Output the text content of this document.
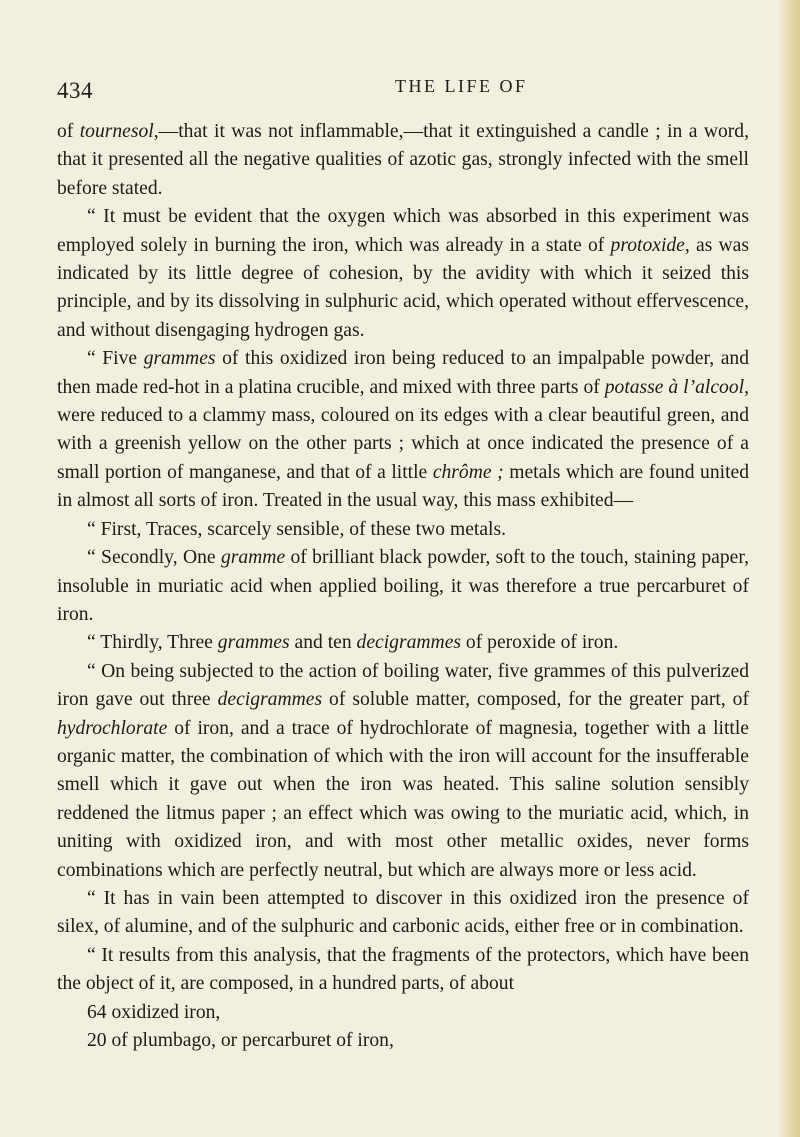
434	THE LIFE OF

of tournesol,—that it was not inflammable,—that it extinguished a candle ; in a word, that it presented all the negative qualities of azotic gas, strongly infected with the smell before stated.

“ It must be evident that the oxygen which was absorbed in this experiment was employed solely in burning the iron, which was already in a state of protoxide, as was indicated by its little degree of cohesion, by the avidity with which it seized this principle, and by its dissolving in sulphuric acid, which operated without effervescence, and without disengaging hydrogen gas.

“ Five grammes of this oxidized iron being reduced to an impalpable powder, and then made red-hot in a platina crucible, and mixed with three parts of potasse à l’alcool, were reduced to a clammy mass, coloured on its edges with a clear beautiful green, and with a greenish yellow on the other parts ; which at once indicated the presence of a small portion of manganese, and that of a little chrôme ; metals which are found united in almost all sorts of iron. Treated in the usual way, this mass exhibited—

“ First, Traces, scarcely sensible, of these two metals.

“ Secondly, One gramme of brilliant black powder, soft to the touch, staining paper, insoluble in muriatic acid when applied boiling, it was therefore a true percarburet of iron.

“ Thirdly, Three grammes and ten decigrammes of peroxide of iron.

“ On being subjected to the action of boiling water, five grammes of this pulverized iron gave out three decigrammes of soluble matter, composed, for the greater part, of hydrochlorate of iron, and a trace of hydrochlorate of magnesia, together with a little organic matter, the combination of which with the iron will account for the insufferable smell which it gave out when the iron was heated. This saline solution sensibly reddened the litmus paper ; an effect which was owing to the muriatic acid, which, in uniting with oxidized iron, and with most other metallic oxides, never forms combinations which are perfectly neutral, but which are always more or less acid.

“ It has in vain been attempted to discover in this oxidized iron the presence of silex, of alumine, and of the sulphuric and carbonic acids, either free or in combination.

“ It results from this analysis, that the fragments of the protectors, which have been the object of it, are composed, in a hundred parts, of about

64 oxidized iron,

20 of plumbago, or percarburet of iron,
